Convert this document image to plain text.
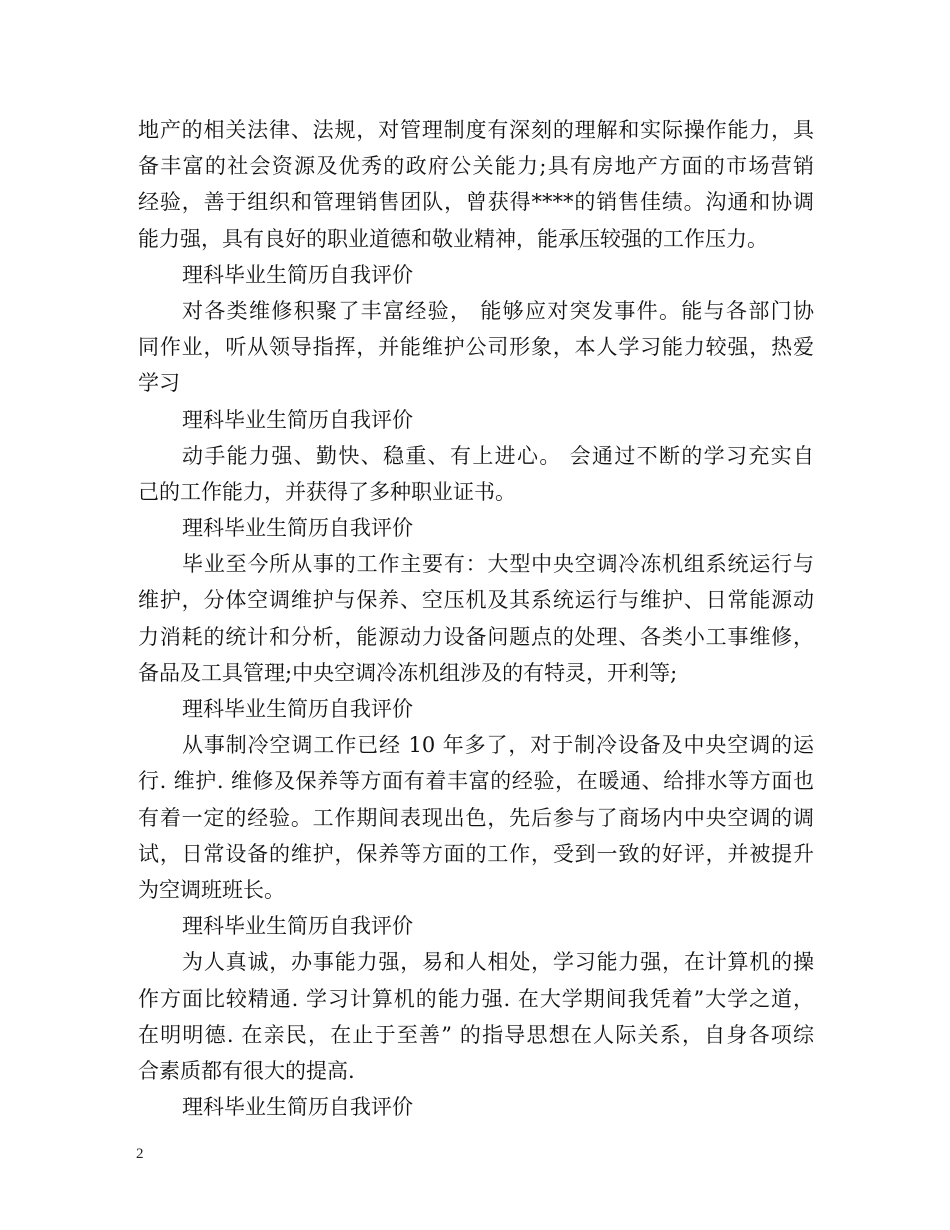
地产的相关法律、法规，对管理制度有深刻的理解和实际操作能力，具
备丰富的社会资源及优秀的政府公关能力;具有房地产方面的市场营销
经验，善于组织和管理销售团队，曾获得****的销售佳绩。沟通和协调
能力强，具有良好的职业道德和敬业精神，能承压较强的工作压力。
理科毕业生简历自我评价
对各类维修积聚了丰富经验， 能够应对突发事件。能与各部门协
同作业，听从领导指挥，并能维护公司形象，本人学习能力较强，热爱
学习
理科毕业生简历自我评价
动手能力强、勤快、稳重、有上进心。 会通过不断的学习充实自
己的工作能力，并获得了多种职业证书。
理科毕业生简历自我评价
毕业至今所从事的工作主要有：大型中央空调冷冻机组系统运行与
维护，分体空调维护与保养、空压机及其系统运行与维护、日常能源动
力消耗的统计和分析，能源动力设备问题点的处理、各类小工事维修，
备品及工具管理;中央空调冷冻机组涉及的有特灵，开利等;
理科毕业生简历自我评价
从事制冷空调工作已经 10 年多了，对于制冷设备及中央空调的运
行. 维护. 维修及保养等方面有着丰富的经验，在暖通、给排水等方面也
有着一定的经验。工作期间表现出色，先后参与了商场内中央空调的调
试，日常设备的维护，保养等方面的工作，受到一致的好评，并被提升
为空调班班长。
理科毕业生简历自我评价
为人真诚，办事能力强，易和人相处，学习能力强，在计算机的操
作方面比较精通. 学习计算机的能力强. 在大学期间我凭着”大学之道，
在明明德. 在亲民，在止于至善” 的指导思想在人际关系，自身各项综
合素质都有很大的提高.
理科毕业生简历自我评价
2
